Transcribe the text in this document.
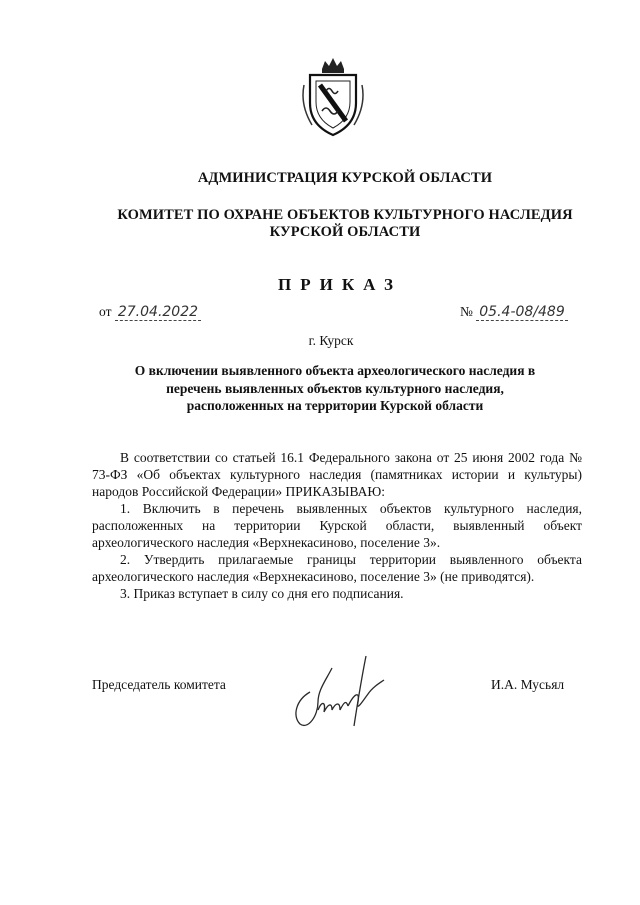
АДМИНИСТРАЦИЯ КУРСКОЙ ОБЛАСТИ
КОМИТЕТ ПО ОХРАНЕ ОБЪЕКТОВ КУЛЬТУРНОГО НАСЛЕДИЯ
КУРСКОЙ ОБЛАСТИ
ПРИКАЗ
от 27.04.2022	№ 05.4-08/489
г. Курск
О включении выявленного объекта археологического наследия в
перечень выявленных объектов культурного наследия,
расположенных на территории Курской области

В соответствии со статьей 16.1 Федерального закона от 25 июня 2002 года № 73-ФЗ «Об объектах культурного наследия (памятниках истории и культуры) народов Российской Федерации» ПРИКАЗЫВАЮ:

1. Включить в перечень выявленных объектов культурного наследия, расположенных на территории Курской области, выявленный объект археологического наследия «Верхнекасиново, поселение 3».

2. Утвердить прилагаемые границы территории выявленного объекта археологического наследия «Верхнекасиново, поселение 3» (не приводятся).

3. Приказ вступает в силу со дня его подписания.

Председатель комитета	И.А. Мусьял
